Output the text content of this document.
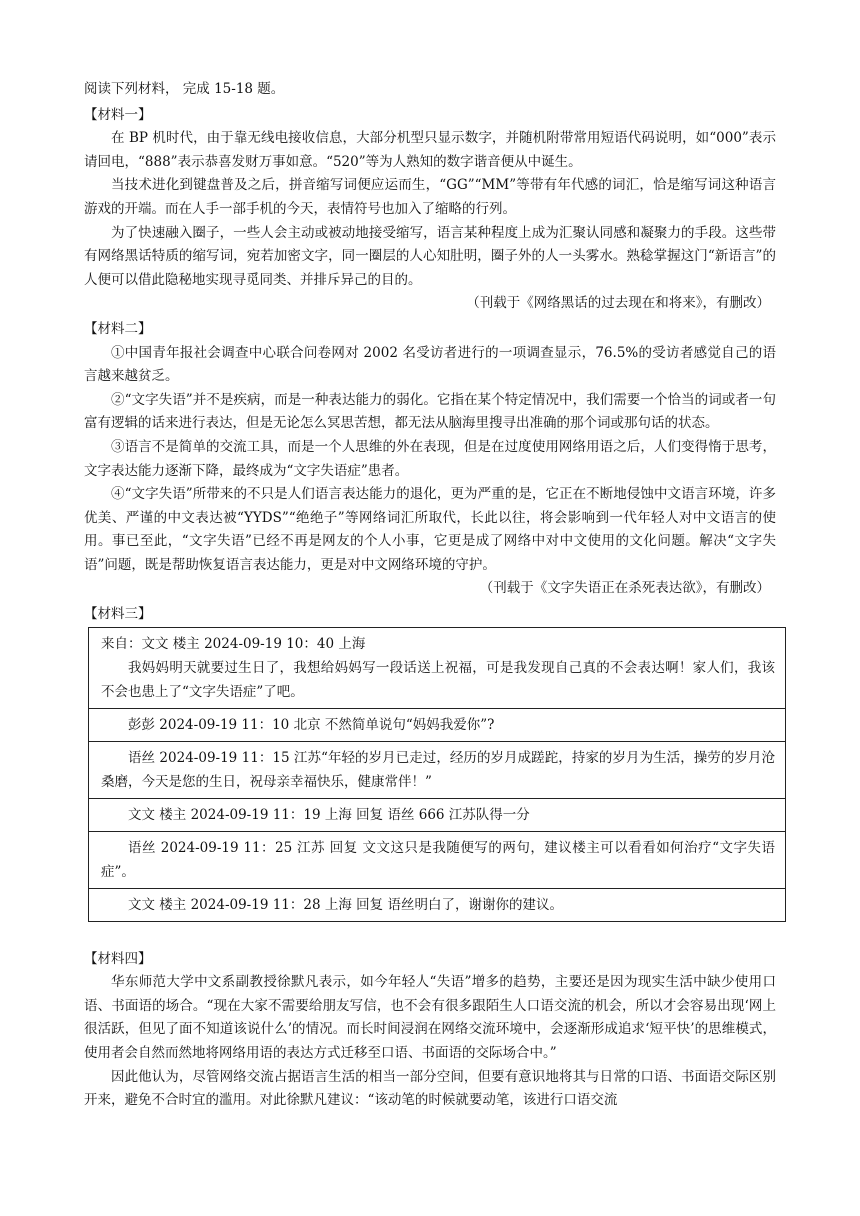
阅读下列材料， 完成 15-18 题。

【材料一】

在 BP 机时代，由于靠无线电接收信息，大部分机型只显示数字，并随机附带常用短语代码说明，如“000”表示请回电，“888”表示恭喜发财万事如意。“520”等为人熟知的数字谐音便从中诞生。

当技术进化到键盘普及之后，拼音缩写词便应运而生，“GG”“MM”等带有年代感的词汇，恰是缩写词这种语言游戏的开端。而在人手一部手机的今天，表情符号也加入了缩略的行列。

为了快速融入圈子，一些人会主动或被动地接受缩写，语言某种程度上成为汇聚认同感和凝聚力的手段。这些带有网络黑话特质的缩写词，宛若加密文字，同一圈层的人心知肚明，圈子外的人一头雾水。熟稔掌握这门“新语言”的人便可以借此隐秘地实现寻觅同类、并排斥异己的目的。

（刊载于《网络黑话的过去现在和将来》，有删改）

【材料二】

①中国青年报社会调查中心联合问卷网对 2002 名受访者进行的一项调查显示，76.5%的受访者感觉自己的语言越来越贫乏。

②“文字失语”并不是疾病，而是一种表达能力的弱化。它指在某个特定情况中，我们需要一个恰当的词或者一句富有逻辑的话来进行表达，但是无论怎么冥思苦想，都无法从脑海里搜寻出准确的那个词或那句话的状态。

③语言不是简单的交流工具，而是一个人思维的外在表现，但是在过度使用网络用语之后，人们变得惰于思考，文字表达能力逐渐下降，最终成为“文字失语症”患者。

④“文字失语”所带来的不只是人们语言表达能力的退化，更为严重的是，它正在不断地侵蚀中文语言环境，许多优美、严谨的中文表达被“YYDS”“绝绝子”等网络词汇所取代，长此以往，将会影响到一代年轻人对中文语言的使用。事已至此，“文字失语”已经不再是网友的个人小事，它更是成了网络中对中文使用的文化问题。解决“文字失语”问题，既是帮助恢复语言表达能力，更是对中文网络环境的守护。

（刊载于《文字失语正在杀死表达欲》，有删改）

【材料三】

来自：文文 楼主 2024-09-19 10：40 上海

我妈妈明天就要过生日了，我想给妈妈写一段话送上祝福，可是我发现自己真的不会表达啊！家人们，我该不会也患上了“文字失语症”了吧。

彭彭 2024-09-19 11：10 北京 不然简单说句“妈妈我爱你”?

语丝 2024-09-19 11：15 江苏“年轻的岁月已走过，经历的岁月成蹉跎，持家的岁月为生活，操劳的岁月沧桑磨，今天是您的生日，祝母亲幸福快乐，健康常伴！”

文文 楼主 2024-09-19 11：19 上海 回复 语丝 666 江苏队得一分

语丝 2024-09-19 11：25 江苏 回复 文文这只是我随便写的两句，建议楼主可以看看如何治疗“文字失语症”。

文文 楼主 2024-09-19 11：28 上海 回复 语丝明白了，谢谢你的建议。

【材料四】

华东师范大学中文系副教授徐默凡表示，如今年轻人“失语”增多的趋势，主要还是因为现实生活中缺少使用口语、书面语的场合。“现在大家不需要给朋友写信，也不会有很多跟陌生人口语交流的机会，所以才会容易出现‘网上很活跃，但见了面不知道该说什么’的情况。而长时间浸润在网络交流环境中，会逐渐形成追求‘短平快’的思维模式，使用者会自然而然地将网络用语的表达方式迁移至口语、书面语的交际场合中。”

因此他认为，尽管网络交流占据语言生活的相当一部分空间，但要有意识地将其与日常的口语、书面语交际区别开来，避免不合时宜的滥用。对此徐默凡建议：“该动笔的时候就要动笔，该进行口语交流
